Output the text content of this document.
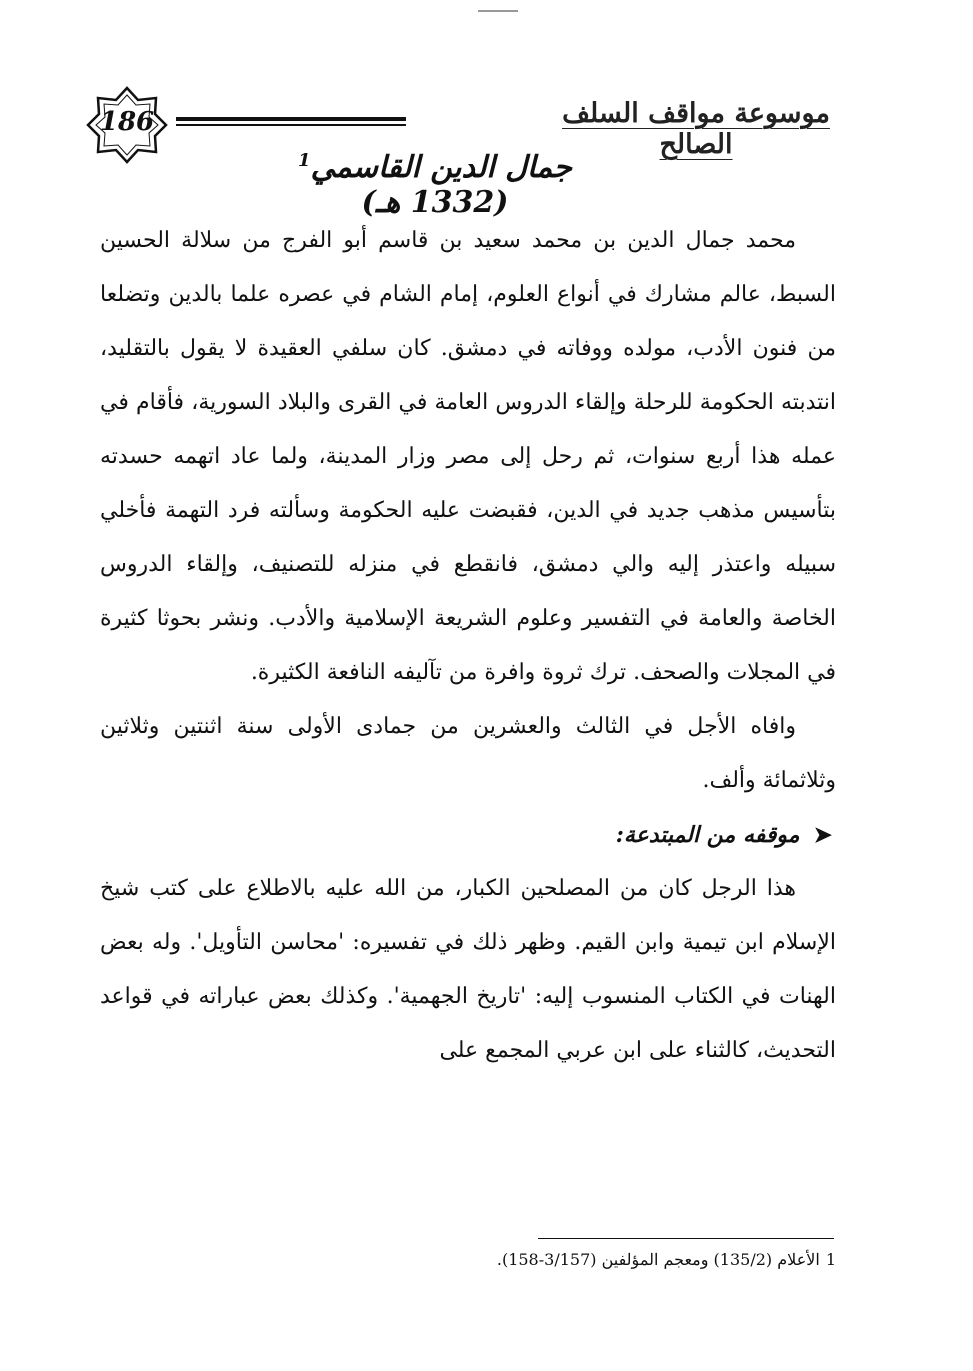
186	موسوعة مواقف السلف الصالح
جمال الدين القاسمي$^1$ (1332 هـ)

محمد جمال الدين بن محمد سعيد بن قاسم أبو الفرج من سلالة الحسين السبط، عالم مشارك في أنواع العلوم، إمام الشام في عصره علما بالدين وتضلعا من فنون الأدب، مولده ووفاته في دمشق. كان سلفي العقيدة لا يقول بالتقليد، انتدبته الحكومة للرحلة وإلقاء الدروس العامة في القرى والبلاد السورية، فأقام في عمله هذا أربع سنوات، ثم رحل إلى مصر وزار المدينة، ولما عاد اتهمه حسدته بتأسيس مذهب جديد في الدين، فقبضت عليه الحكومة وسألته فرد التهمة فأخلي سبيله واعتذر إليه والي دمشق، فانقطع في منزله للتصنيف، وإلقاء الدروس الخاصة والعامة في التفسير وعلوم الشريعة الإسلامية والأدب. ونشر بحوثا كثيرة في المجلات والصحف. ترك ثروة وافرة من تآليفه النافعة الكثيرة.

وافاه الأجل في الثالث والعشرين من جمادى الأولى سنة اثنتين وثلاثين وثلاثمائة وألف.

➤موقفه من المبتدعة:

هذا الرجل كان من المصلحين الكبار، من الله عليه بالاطلاع على كتب شيخ الإسلام ابن تيمية وابن القيم. وظهر ذلك في تفسيره: 'محاسن التأويل'. وله بعض الهنات في الكتاب المنسوب إليه: 'تاريخ الجهمية'. وكذلك بعض عباراته في قواعد التحديث، كالثناء على ابن عربي المجمع على

1الأعلام (135/2) ومعجم المؤلفين (3/157-158).
